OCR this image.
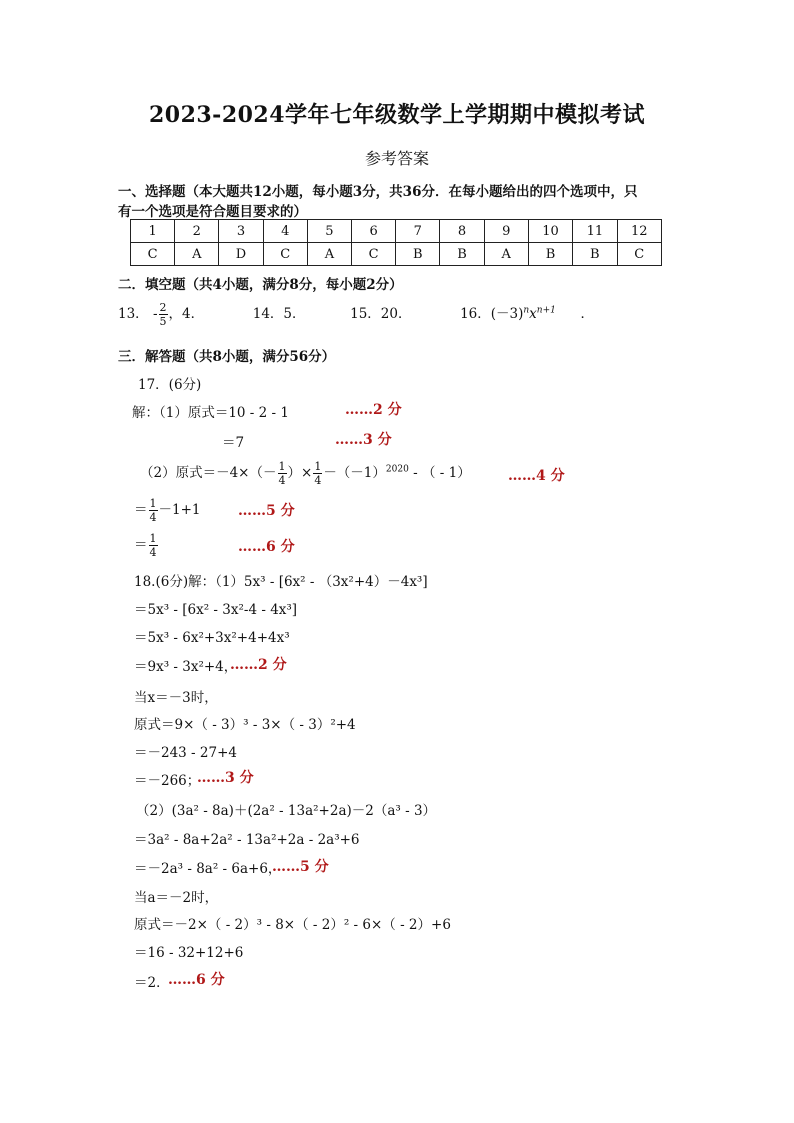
2023-2024学年七年级数学上学期期中模拟考试
参考答案
一、选择题（本大题共12小题，每小题3分，共36分．在每小题给出的四个选项中，只
有一个选项是符合题目要求的）
1	2	3	4	5	6	7	8	9	10	11	12
C	A	D	C	A	C	B	B	A	B	B	C
二．填空题（共4小题，满分8分，每小题2分）
13． - $\frac{2}{5}$ ，4．	14．5．	15．20．	16．$(-3)^nx^{n+1}$ ．
三．解答题（共8小题，满分56分）
17．(6分)
解：（1）原式＝10 - 2 - 1	……2 分
＝7	……3 分
（2）原式$=-4\times(- \frac{1}{4}$ ）× $\frac{1}{4} -(-1)^{2020}$ - （ - 1）	……4 分
＝ $\frac{1}{4} -1+1$	……5 分
＝ $\frac{1}{4}$	……6 分
18.(6分)解：（1）5x³ - [6x² - （3x²+4）－4x³]
＝5x³ - [6x² - 3x²-4 - 4x³]
＝5x³ - 6x²+3x²+4+4x³
＝9x³ - 3x²+4，
……2 分
当x＝－3时，
原式＝9×（ - 3）³ - 3×（ - 3）²+4
＝－243 - 27+4
＝－266；
……3 分
（2）(3a² - 8a)＋(2a² - 13a²+2a)－2（a³ - 3）
＝3a² - 8a+2a² - 13a²+2a - 2a³+6
＝－2a³ - 8a² - 6a+6，
……5 分
当a＝－2时，
原式＝－2×（ - 2）³ - 8×（ - 2）² - 6×（ - 2）+6
＝16 - 32+12+6
＝2．
……6 分
